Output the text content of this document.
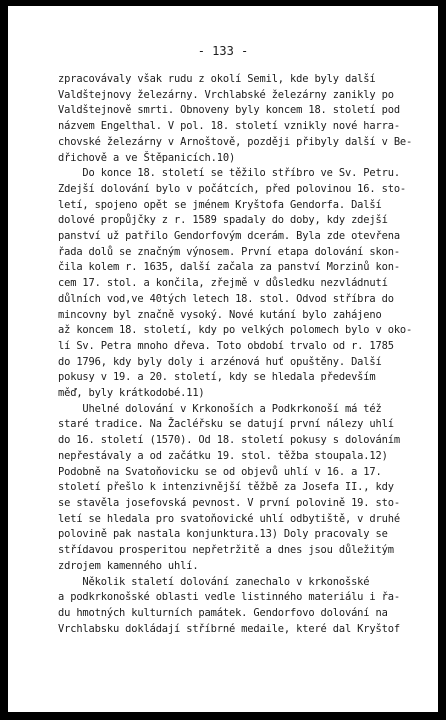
- 133 -
zpracovávaly však rudu z okolí Semil, kde byly další
Valdštejnovy železárny. Vrchlabské železárny zanikly po
Valdštejnově smrti. Obnoveny byly koncem 18. století pod
názvem Engelthal. V pol. 18. století vznikly nové harra-
chovské železárny v Arnoštově, později přibyly další v Be-
dřichově a ve Štěpanicích.10)
Do konce 18. století se těžilo stříbro ve Sv. Petru.
Zdejší dolování bylo v počátcích, před polovinou 16. sto-
letí, spojeno opět se jménem Kryštofa Gendorfa. Další
dolové propůjčky z r. 1589 spadaly do doby, kdy zdejší
panství už patřilo Gendorfovým dcerám. Byla zde otevřena
řada dolů se značným výnosem. První etapa dolování skon-
čila kolem r. 1635, další začala za panství Morzinů kon-
cem 17. stol. a končila, zřejmě v důsledku nezvládnutí
důlních vod,ve 40tých letech 18. stol. Odvod stříbra do
mincovny byl značně vysoký. Nové kutání bylo zahájeno
až koncem 18. století, kdy po velkých polomech bylo v oko-
lí Sv. Petra mnoho dřeva. Toto období trvalo od r. 1785
do 1796, kdy byly doly i arzénová huť opuštěny. Další
pokusy v 19. a 20. století, kdy se hledala především
měď, byly krátkodobé.11)
Uhelné dolování v Krkonoších a Podkrkonoší má též
staré tradice. Na Žacléřsku se datují první nálezy uhlí
do 16. století (1570). Od 18. století pokusy s dolováním
nepřestávaly a od začátku 19. stol. těžba stoupala.12)
Podobně na Svatoňovicku se od objevů uhlí v 16. a 17.
století přešlo k intenzivnější těžbě za Josefa II., kdy
se stavěla josefovská pevnost. V první polovině 19. sto-
letí se hledala pro svatoňovické uhlí odbytiště, v druhé
polovině pak nastala konjunktura.13) Doly pracovaly se
střídavou prosperitou nepřetržitě a dnes jsou důležitým
zdrojem kamenného uhlí.
Několik staletí dolování zanechalo v krkonošské
a podkrkonošské oblasti vedle listinného materiálu i řa-
du hmotných kulturních památek. Gendorfovo dolování na
Vrchlabsku dokládají stříbrné medaile, které dal Kryštof
